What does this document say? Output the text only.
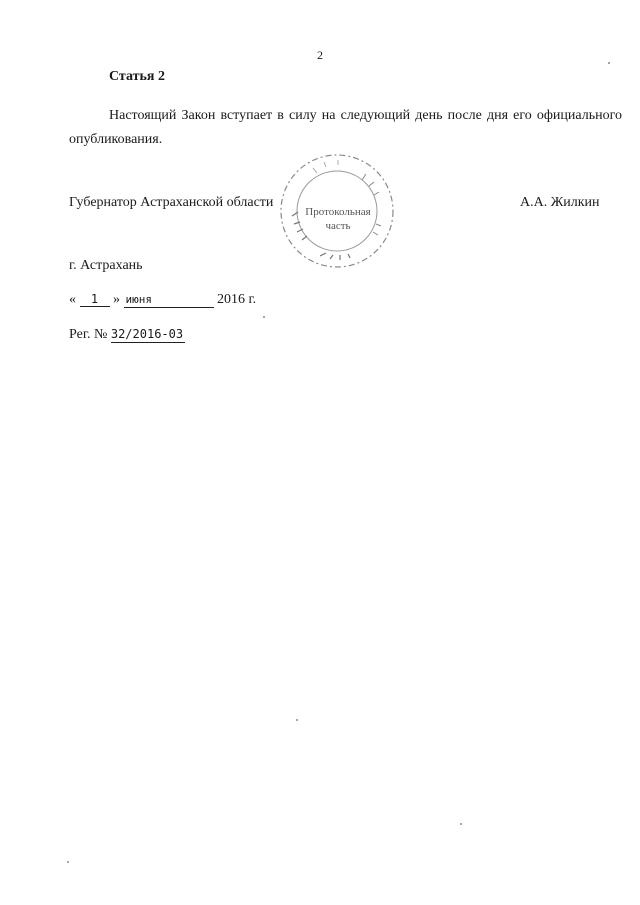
2
Статья 2
Настоящий Закон вступает в силу на следующий день после дня его официального опубликования.
Губернатор Астраханской области	А.А. Жилкин
Протокольная
часть
г. Астрахань
« 1 » июня	2016 г.
Рег. № 32/2016-03
